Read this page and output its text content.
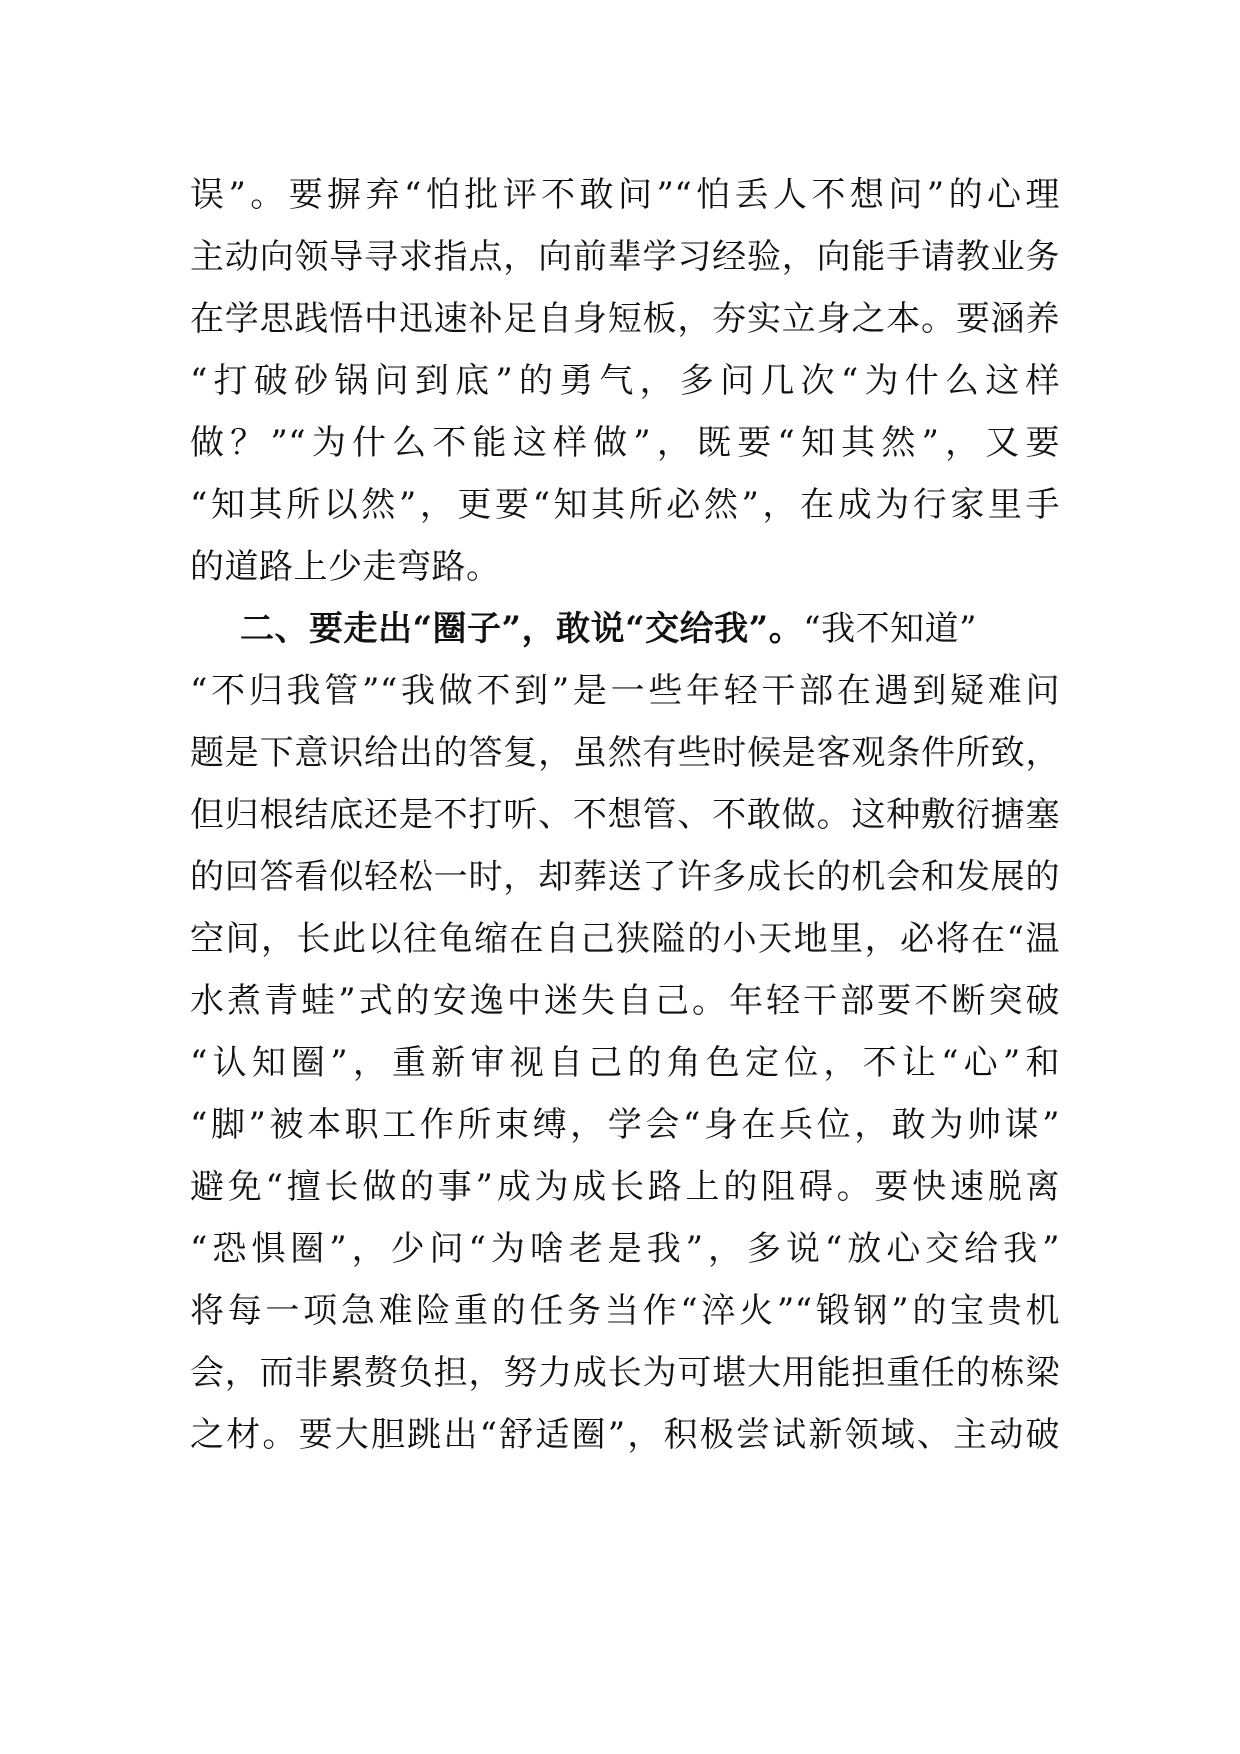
误”。要摒弃“怕批评不敢问”“怕丢人不想问”的心理
主动向领导寻求指点，向前辈学习经验，向能手请教业务
在学思践悟中迅速补足自身短板，夯实立身之本。要涵养
“打破砂锅问到底”的勇气，多问几次“为什么这样
做？”“为什么不能这样做”，既要“知其然”，又要
“知其所以然”，更要“知其所必然”，在成为行家里手
的道路上少走弯路。
二、要走出“圈子”，敢说“交给我”。“我不知道”
“不归我管”“我做不到”是一些年轻干部在遇到疑难问
题是下意识给出的答复，虽然有些时候是客观条件所致，
但归根结底还是不打听、不想管、不敢做。这种敷衍搪塞
的回答看似轻松一时，却葬送了许多成长的机会和发展的
空间，长此以往龟缩在自己狭隘的小天地里，必将在“温
水煮青蛙”式的安逸中迷失自己。年轻干部要不断突破
“认知圈”，重新审视自己的角色定位，不让“心”和
“脚”被本职工作所束缚，学会“身在兵位，敢为帅谋”
避免“擅长做的事”成为成长路上的阻碍。要快速脱离
“恐惧圈”，少问“为啥老是我”，多说“放心交给我”
将每一项急难险重的任务当作“淬火”“锻钢”的宝贵机
会，而非累赘负担，努力成长为可堪大用能担重任的栋梁
之材。要大胆跳出“舒适圈”，积极尝试新领域、主动破
